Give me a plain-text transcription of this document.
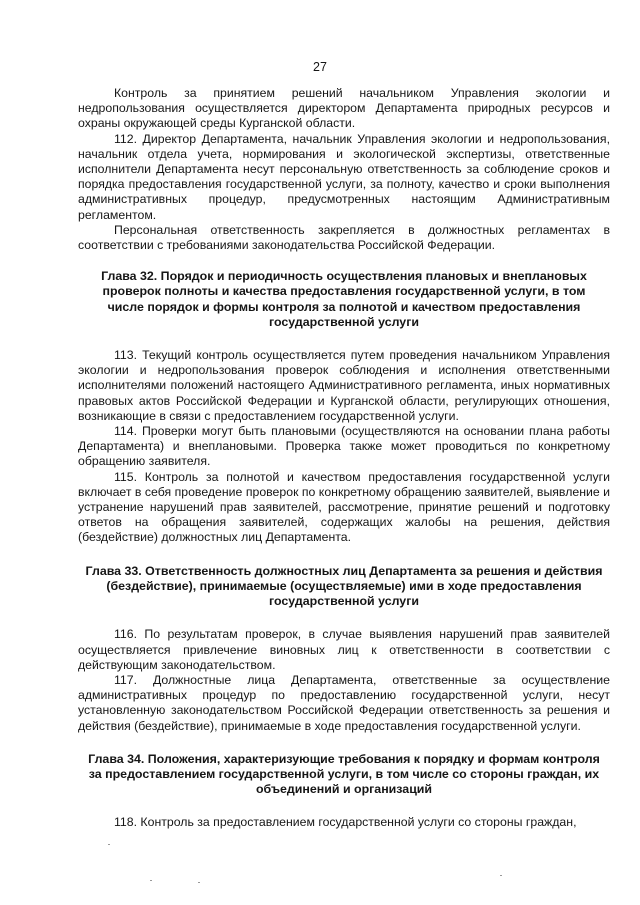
27

Контроль за принятием решений начальником Управления экологии и недропользования осуществляется директором Департамента природных ресурсов и охраны окружающей среды Курганской области.

112. Директор Департамента, начальник Управления экологии и недропользования, начальник отдела учета, нормирования и экологической экспертизы, ответственные исполнители Департамента несут персональную ответственность за соблюдение сроков и порядка предоставления государственной услуги, за полноту, качество и сроки выполнения административных процедур, предусмотренных настоящим Административным регламентом.

Персональная ответственность закрепляется в должностных регламентах в соответствии с требованиями законодательства Российской Федерации.

Глава 32. Порядок и периодичность осуществления плановых и внеплановых проверок полноты и качества предоставления государственной услуги, в том числе порядок и формы контроля за полнотой и качеством предоставления государственной услуги

113. Текущий контроль осуществляется путем проведения начальником Управления экологии и недропользования проверок соблюдения и исполнения ответственными исполнителями положений настоящего Административного регламента, иных нормативных правовых актов Российской Федерации и Курганской области, регулирующих отношения, возникающие в связи с предоставлением государственной услуги.

114. Проверки могут быть плановыми (осуществляются на основании плана работы Департамента) и внеплановыми. Проверка также может проводиться по конкретному обращению заявителя.

115. Контроль за полнотой и качеством предоставления государственной услуги включает в себя проведение проверок по конкретному обращению заявителей, выявление и устранение нарушений прав заявителей, рассмотрение, принятие решений и подготовку ответов на обращения заявителей, содержащих жалобы на решения, действия (бездействие) должностных лиц Департамента.

Глава 33. Ответственность должностных лиц Департамента за решения и действия (бездействие), принимаемые (осуществляемые) ими в ходе предоставления государственной услуги

116. По результатам проверок, в случае выявления нарушений прав заявителей осуществляется привлечение виновных лиц к ответственности в соответствии с действующим законодательством.

117. Должностные лица Департамента, ответственные за осуществление административных процедур по предоставлению государственной услуги, несут установленную законодательством Российской Федерации ответственность за решения и действия (бездействие), принимаемые в ходе предоставления государственной услуги.

Глава 34. Положения, характеризующие требования к порядку и формам контроля за предоставлением государственной услуги, в том числе со стороны граждан, их объединений и организаций

118. Контроль за предоставлением государственной услуги со стороны граждан,
